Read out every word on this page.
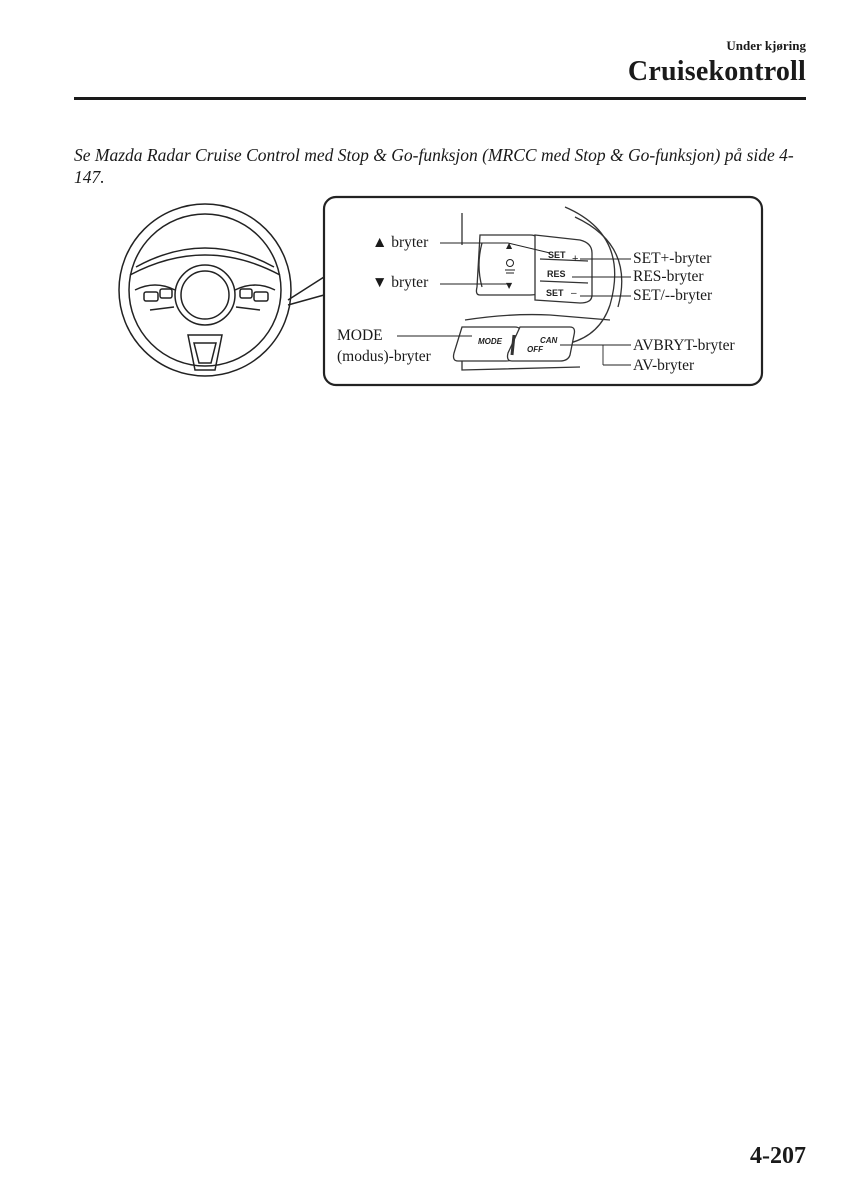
Under kjøring
Cruisekontroll
Se Mazda Radar Cruise Control med Stop & Go-funksjon (MRCC med Stop & Go-funksjon) på side 4-147.
▲
▼
SET +
RES
SET –
MODE	CAN
OFF
▲ bryter
▼ bryter
MODE
(modus)-bryter
SET+-bryter
RES-bryter
SET/--bryter
AVBRYT-bryter
AV-bryter
4-207
